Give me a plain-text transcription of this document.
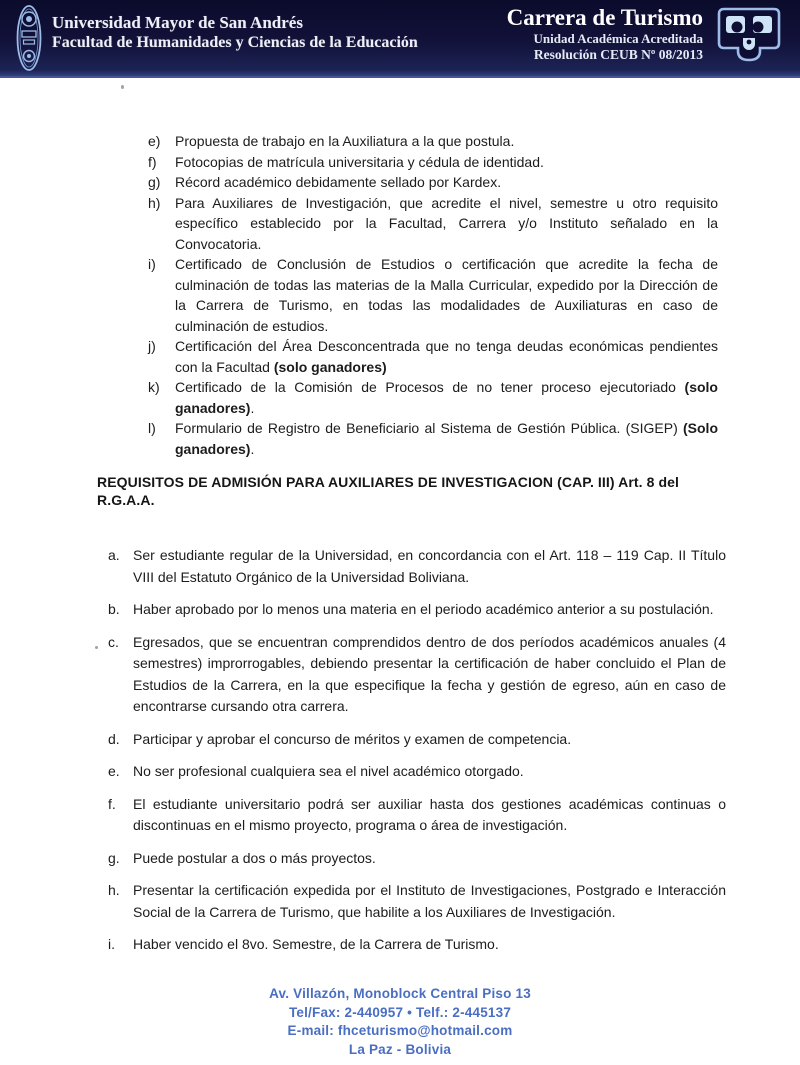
Universidad Mayor de San Andrés
Facultad de Humanidades y Ciencias de la Educación
Carrera de Turismo
Unidad Académica Acreditada
Resolución CEUB Nº 08/2013
e)	Propuesta de trabajo en la Auxiliatura a la que postula.
f)	Fotocopias de matrícula universitaria y cédula de identidad.
g)	Récord académico debidamente sellado por Kardex.
h)	Para Auxiliares de Investigación, que acredite el nivel, semestre u otro requisito específico establecido por la Facultad, Carrera y/o Instituto señalado en la Convocatoria.
i)	Certificado de Conclusión de Estudios o certificación que acredite la fecha de culminación de todas las materias de la Malla Curricular, expedido por la Dirección de la Carrera de Turismo, en todas las modalidades de Auxiliaturas en caso de culminación de estudios.
j)	Certificación del Área Desconcentrada que no tenga deudas económicas pendientes con la Facultad (solo ganadores)
k)	Certificado de la Comisión de Procesos de no tener proceso ejecutoriado (solo ganadores).
l)	Formulario de Registro de Beneficiario al Sistema de Gestión Pública. (SIGEP) (Solo ganadores).
REQUISITOS DE ADMISIÓN PARA AUXILIARES DE INVESTIGACION (CAP. III) Art. 8 del
R.G.A.A.
a. Ser estudiante regular de la Universidad, en concordancia con el Art. 118 – 119 Cap. II Título VIII del Estatuto Orgánico de la Universidad Boliviana.
b. Haber aprobado por lo menos una materia en el periodo académico anterior a su postulación.
c.	Egresados, que se encuentran comprendidos dentro de dos períodos académicos anuales (4 semestres) improrrogables, debiendo presentar la certificación de haber concluido el Plan de Estudios de la Carrera, en la que especifique la fecha y gestión de egreso, aún en caso de encontrarse cursando otra carrera.
d. Participar y aprobar el concurso de méritos y examen de competencia.
e. No ser profesional cualquiera sea el nivel académico otorgado.
f.	El estudiante universitario podrá ser auxiliar hasta dos gestiones académicas continuas o discontinuas en el mismo proyecto, programa o área de investigación.
g. Puede postular a dos o más proyectos.
h. Presentar la certificación expedida por el Instituto de Investigaciones, Postgrado e Interacción Social de la Carrera de Turismo, que habilite a los Auxiliares de Investigación.
i.	Haber vencido el 8vo. Semestre, de la Carrera de Turismo.
Av. Villazón, Monoblock Central Piso 13
Tel/Fax: 2-440957 • Telf.: 2-445137
E-mail: fhceturismo@hotmail.com
La Paz - Bolivia
